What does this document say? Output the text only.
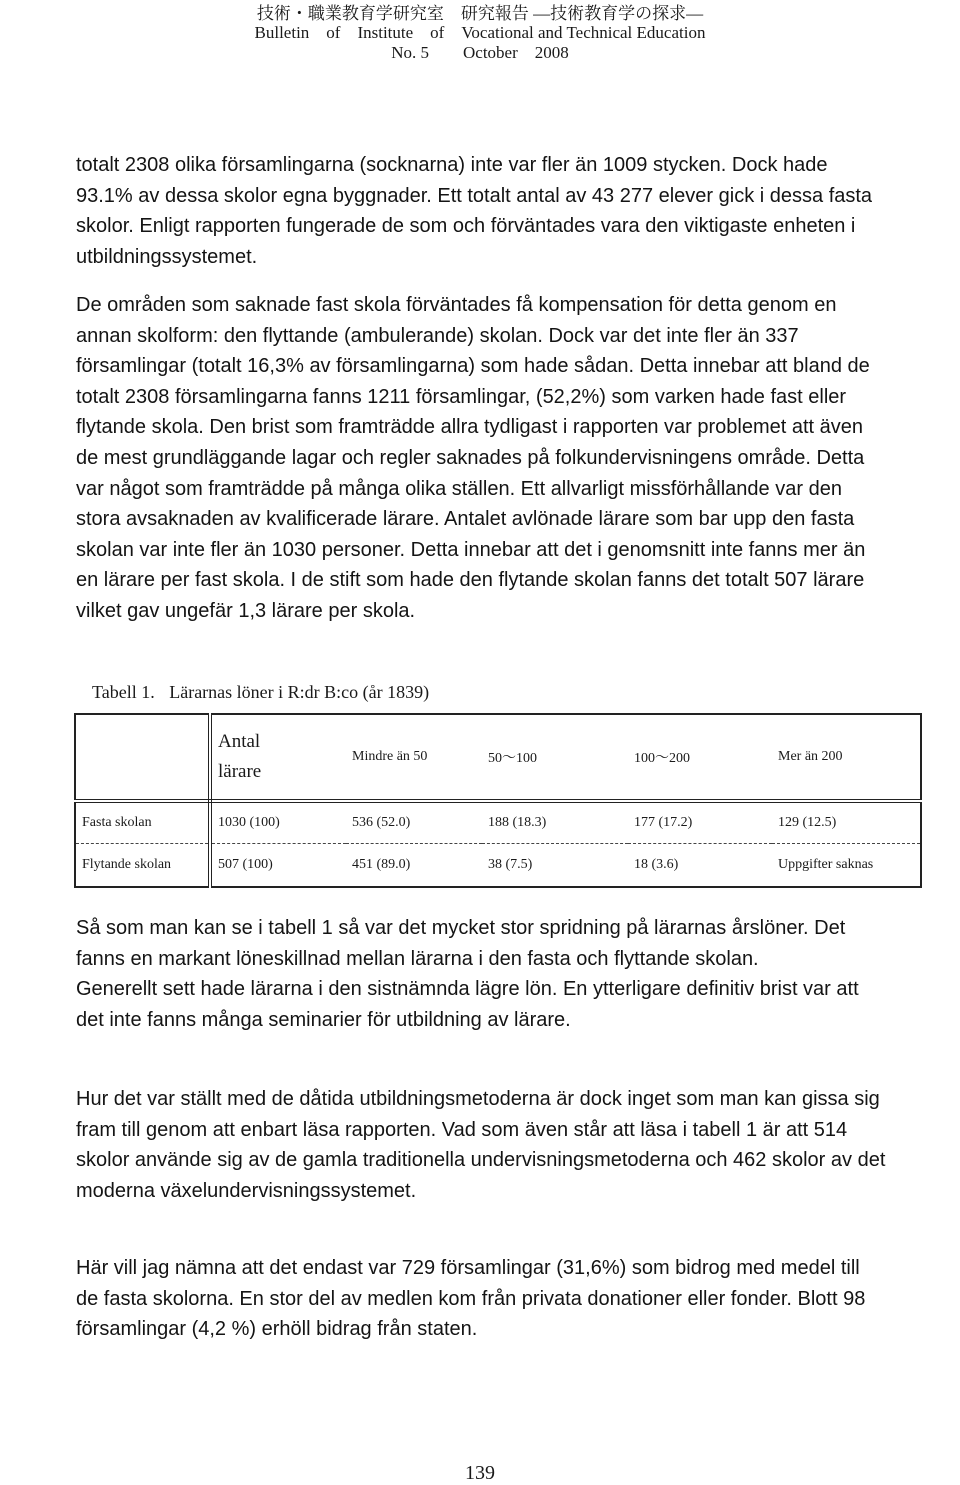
技術・職業教育学研究室　研究報告 —技術教育学の探求—
Bulletin　of　Institute　of　Vocational and Technical Education
No. 5　　October　2008

totalt 2308 olika församlingarna (socknarna) inte var fler än 1009 stycken. Dock hade 93.1% av dessa skolor egna byggnader. Ett totalt antal av 43 277 elever gick i dessa fasta skolor. Enligt rapporten fungerade de som och förväntades vara den viktigaste enheten i utbildningssystemet.

De områden som saknade fast skola förväntades få kompensation för detta genom en annan skolform: den flyttande (ambulerande) skolan. Dock var det inte fler än 337 församlingar (totalt 16,3% av församlingarna) som hade sådan. Detta innebar att bland de totalt 2308 församlingarna fanns 1211 församlingar, (52,2%) som varken hade fast eller flytande skola. Den brist som framträdde allra tydligast i rapporten var problemet att även de mest grundläggande lagar och regler saknades på folkundervisningens område. Detta var något som framträdde på många olika ställen. Ett allvarligt missförhållande var den stora avsaknaden av kvalificerade lärare. Antalet avlönade lärare som bar upp den fasta skolan var inte fler än 1030 personer. Detta innebar att det i genomsnitt inte fanns mer än en lärare per fast skola. I de stift som hade den flytande skolan fanns det totalt 507 lärare vilket gav ungefär 1,3 lärare per skola.

Tabell 1. Lärarnas löner i R:dr B:co (år 1839)

	Antal
lärare	Mindre än 50	50～100	100～200	Mer än 200
Fasta skolan	1030 (100)	536 (52.0)	188 (18.3)	177 (17.2)	129 (12.5)
Flytande skolan	507 (100)	451 (89.0)	38 (7.5)	18 (3.6)	Uppgifter saknas

Så som man kan se i tabell 1 så var det mycket stor spridning på lärarnas årslöner. Det fanns en markant löneskillnad mellan lärarna i den fasta och flyttande skolan.

Generellt sett hade lärarna i den sistnämnda lägre lön. En ytterligare definitiv brist var att det inte fanns många seminarier för utbildning av lärare.

Hur det var ställt med de dåtida utbildningsmetoderna är dock inget som man kan gissa sig fram till genom att enbart läsa rapporten. Vad som även står att läsa i tabell 1 är att 514 skolor använde sig av de gamla traditionella undervisningsmetoderna och 462 skolor av det moderna växelundervisningssystemet.

Här vill jag nämna att det endast var 729 församlingar (31,6%) som bidrog med medel till de fasta skolorna. En stor del av medlen kom från privata donationer eller fonder. Blott 98 församlingar (4,2 %) erhöll bidrag från staten.

139
